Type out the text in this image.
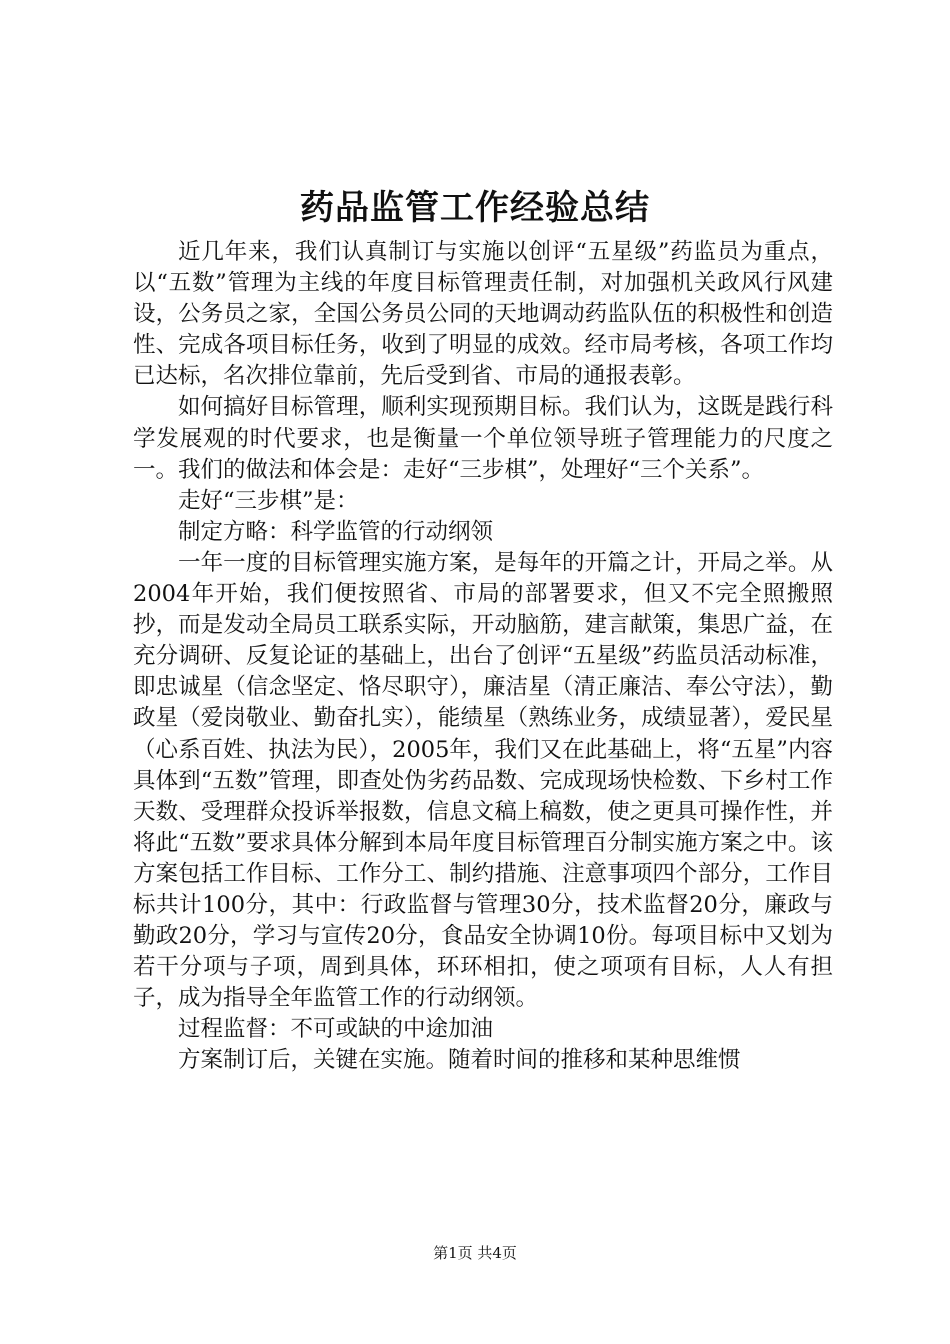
药品监管工作经验总结

近几年来，我们认真制订与实施以创评“五星级”药监员为重点，以“五数”管理为主线的年度目标管理责任制，对加强机关政风行风建设，公务员之家，全国公务员公同的天地调动药监队伍的积极性和创造性、完成各项目标任务，收到了明显的成效。经市局考核，各项工作均已达标，名次排位靠前，先后受到省、市局的通报表彰。

如何搞好目标管理，顺利实现预期目标。我们认为，这既是践行科学发展观的时代要求，也是衡量一个单位领导班子管理能力的尺度之一。我们的做法和体会是：走好“三步棋”，处理好“三个关系”。

走好“三步棋”是：

制定方略：科学监管的行动纲领

一年一度的目标管理实施方案，是每年的开篇之计，开局之举。从2004年开始，我们便按照省、市局的部署要求，但又不完全照搬照抄，而是发动全局员工联系实际，开动脑筋，建言献策，集思广益，在充分调研、反复论证的基础上，出台了创评“五星级”药监员活动标准，即忠诚星（信念坚定、恪尽职守），廉洁星（清正廉洁、奉公守法），勤政星（爱岗敬业、勤奋扎实），能绩星（熟练业务，成绩显著），爱民星（心系百姓、执法为民），2005年，我们又在此基础上，将“五星”内容具体到“五数”管理，即查处伪劣药品数、完成现场快检数、下乡村工作天数、受理群众投诉举报数，信息文稿上稿数，使之更具可操作性，并将此“五数”要求具体分解到本局年度目标管理百分制实施方案之中。该方案包括工作目标、工作分工、制约措施、注意事项四个部分，工作目标共计100分，其中：行政监督与管理30分，技术监督20分，廉政与勤政20分，学习与宣传20分，食品安全协调10份。每项目标中又划为若干分项与子项，周到具体，环环相扣，使之项项有目标，人人有担子，成为指导全年监管工作的行动纲领。

过程监督：不可或缺的中途加油

方案制订后，关键在实施。随着时间的推移和某种思维惯

第1页 共4页
